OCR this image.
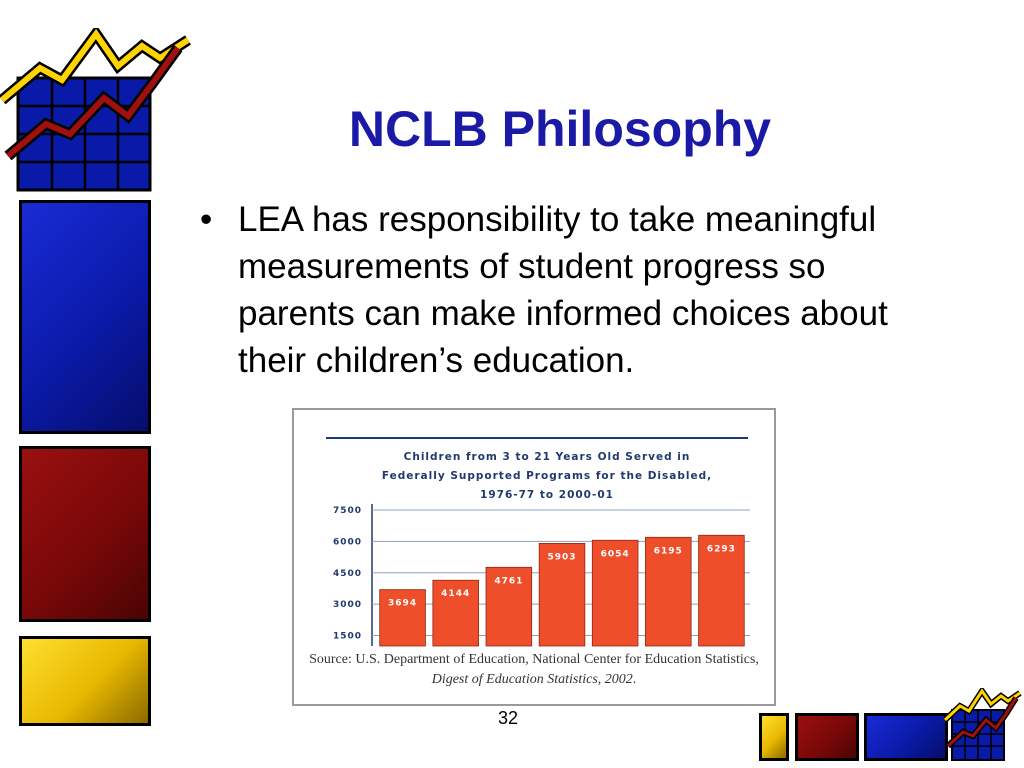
NCLB Philosophy
• LEA has responsibility to take meaningful measurements of student progress so parents can make informed choices about their children’s education.
Children from 3 to 21 Years Old Served in
Federally Supported Programs for the Disabled,
1976-77 to 2000-01
7500
6000
4500
3000
1500
3694
4144
4761
5903	6054	6195	6293
Source: U.S. Department of Education, National Center for Education Statistics, Digest of Education Statistics, 2002.
32
